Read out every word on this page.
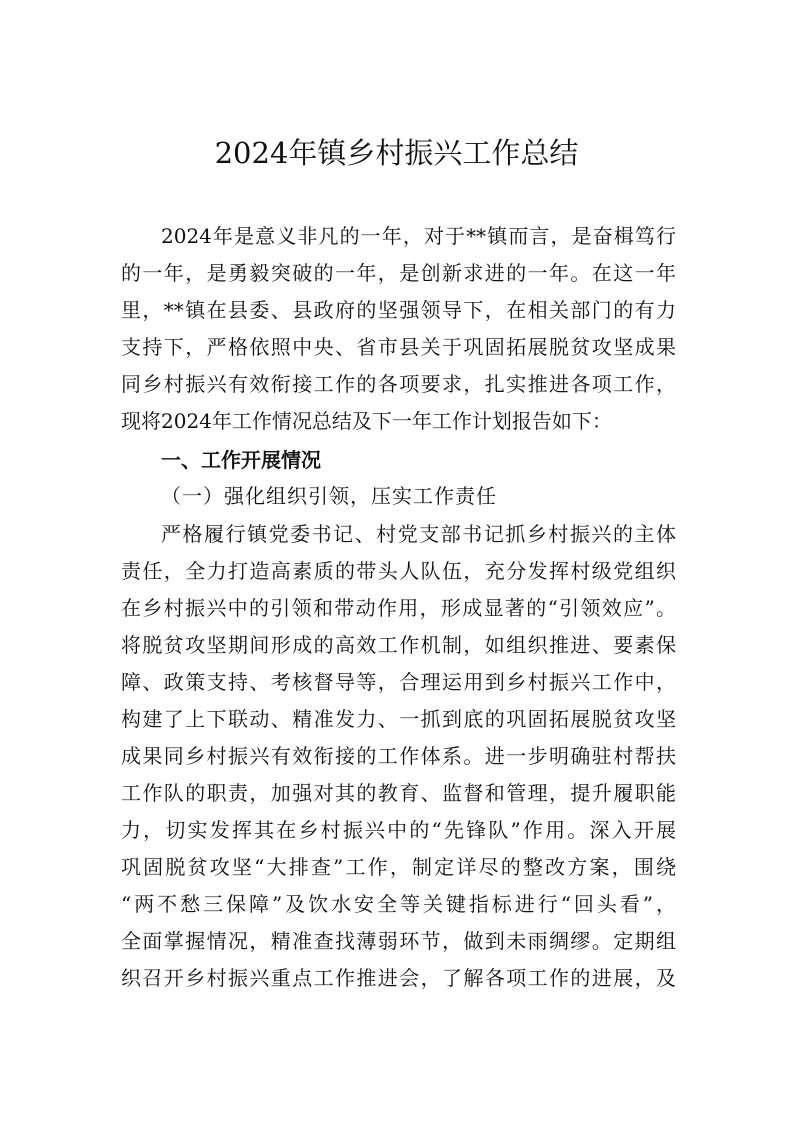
2024年镇乡村振兴工作总结
2024年是意义非凡的一年，对于**镇而言，是奋楫笃行
的一年，是勇毅突破的一年，是创新求进的一年。在这一年
里，**镇在县委、县政府的坚强领导下，在相关部门的有力
支持下，严格依照中央、省市县关于巩固拓展脱贫攻坚成果
同乡村振兴有效衔接工作的各项要求，扎实推进各项工作，
现将2024年工作情况总结及下一年工作计划报告如下：
一、工作开展情况
（一）强化组织引领，压实工作责任
严格履行镇党委书记、村党支部书记抓乡村振兴的主体
责任，全力打造高素质的带头人队伍，充分发挥村级党组织
在乡村振兴中的引领和带动作用，形成显著的“引领效应”。
将脱贫攻坚期间形成的高效工作机制，如组织推进、要素保
障、政策支持、考核督导等，合理运用到乡村振兴工作中，
构建了上下联动、精准发力、一抓到底的巩固拓展脱贫攻坚
成果同乡村振兴有效衔接的工作体系。进一步明确驻村帮扶
工作队的职责，加强对其的教育、监督和管理，提升履职能
力，切实发挥其在乡村振兴中的“先锋队”作用。深入开展
巩固脱贫攻坚“大排查”工作，制定详尽的整改方案，围绕
“两不愁三保障”及饮水安全等关键指标进行“回头看”，
全面掌握情况，精准查找薄弱环节，做到未雨绸缪。定期组
织召开乡村振兴重点工作推进会，了解各项工作的进展，及
